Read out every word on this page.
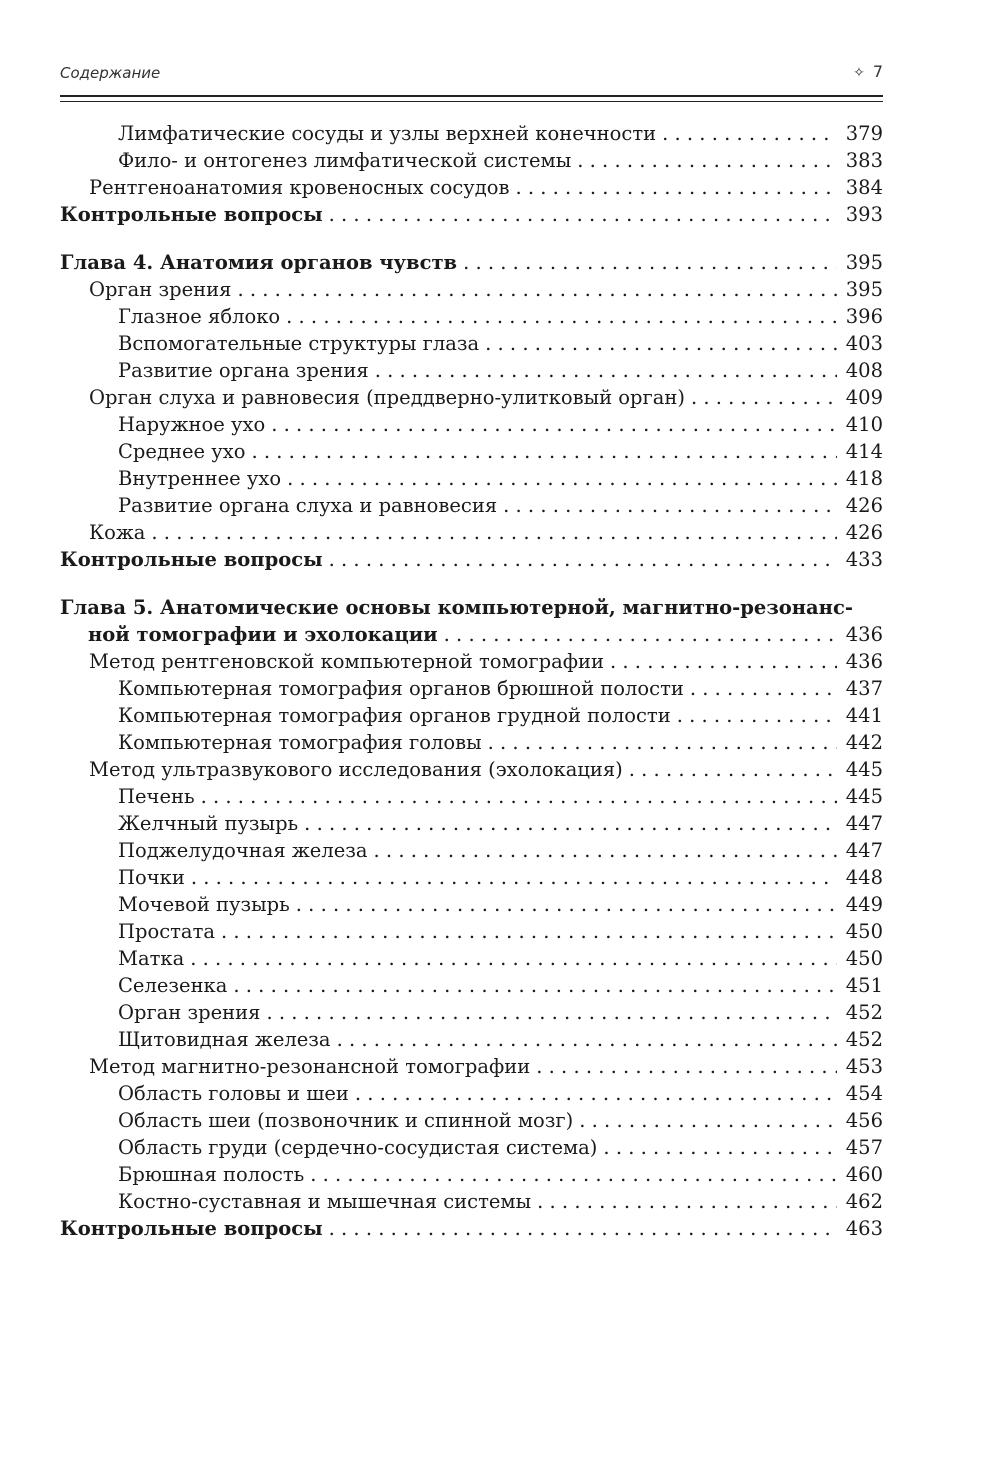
Содержание	✧ 7
Лимфатические сосуды и узлы верхней конечности . . .	379
Фило- и онтогенез лимфатической системы . . .	383
Рентгеноанатомия кровеносных сосудов . . .	384
Контрольные вопросы . . .	393
Глава 4. Анатомия органов чувств . . .	395
Орган зрения . . .	395
Глазное яблоко . . .	396
Вспомогательные структуры глаза . . .	403
Развитие органа зрения . . .	408
Орган слуха и равновесия (преддверно-улитковый орган) . . .	409
Наружное ухо . . .	410
Среднее ухо . . .	414
Внутреннее ухо . . .	418
Развитие органа слуха и равновесия . . .	426
Кожа . . .	426
Контрольные вопросы . . .	433
Глава 5. Анатомические основы компьютерной, магнитно-резонанс-
ной томографии и эхолокации . . .	436
Метод рентгеновской компьютерной томографии . . .	436
Компьютерная томография органов брюшной полости . . .	437
Компьютерная томография органов грудной полости . . .	441
Компьютерная томография головы . . .	442
Метод ультразвукового исследования (эхолокация) . . .	445
Печень . . .	445
Желчный пузырь . . .	447
Поджелудочная железа . . .	447
Почки . . .	448
Мочевой пузырь . . .	449
Простата . . .	450
Матка . . .	450
Селезенка . . .	451
Орган зрения . . .	452
Щитовидная железа . . .	452
Метод магнитно-резонансной томографии . . .	453
Область головы и шеи . . .	454
Область шеи (позвоночник и спинной мозг) . . .	456
Область груди (сердечно-сосудистая система) . . .	457
Брюшная полость . . .	460
Костно-суставная и мышечная системы . . .	462
Контрольные вопросы . . .	463
